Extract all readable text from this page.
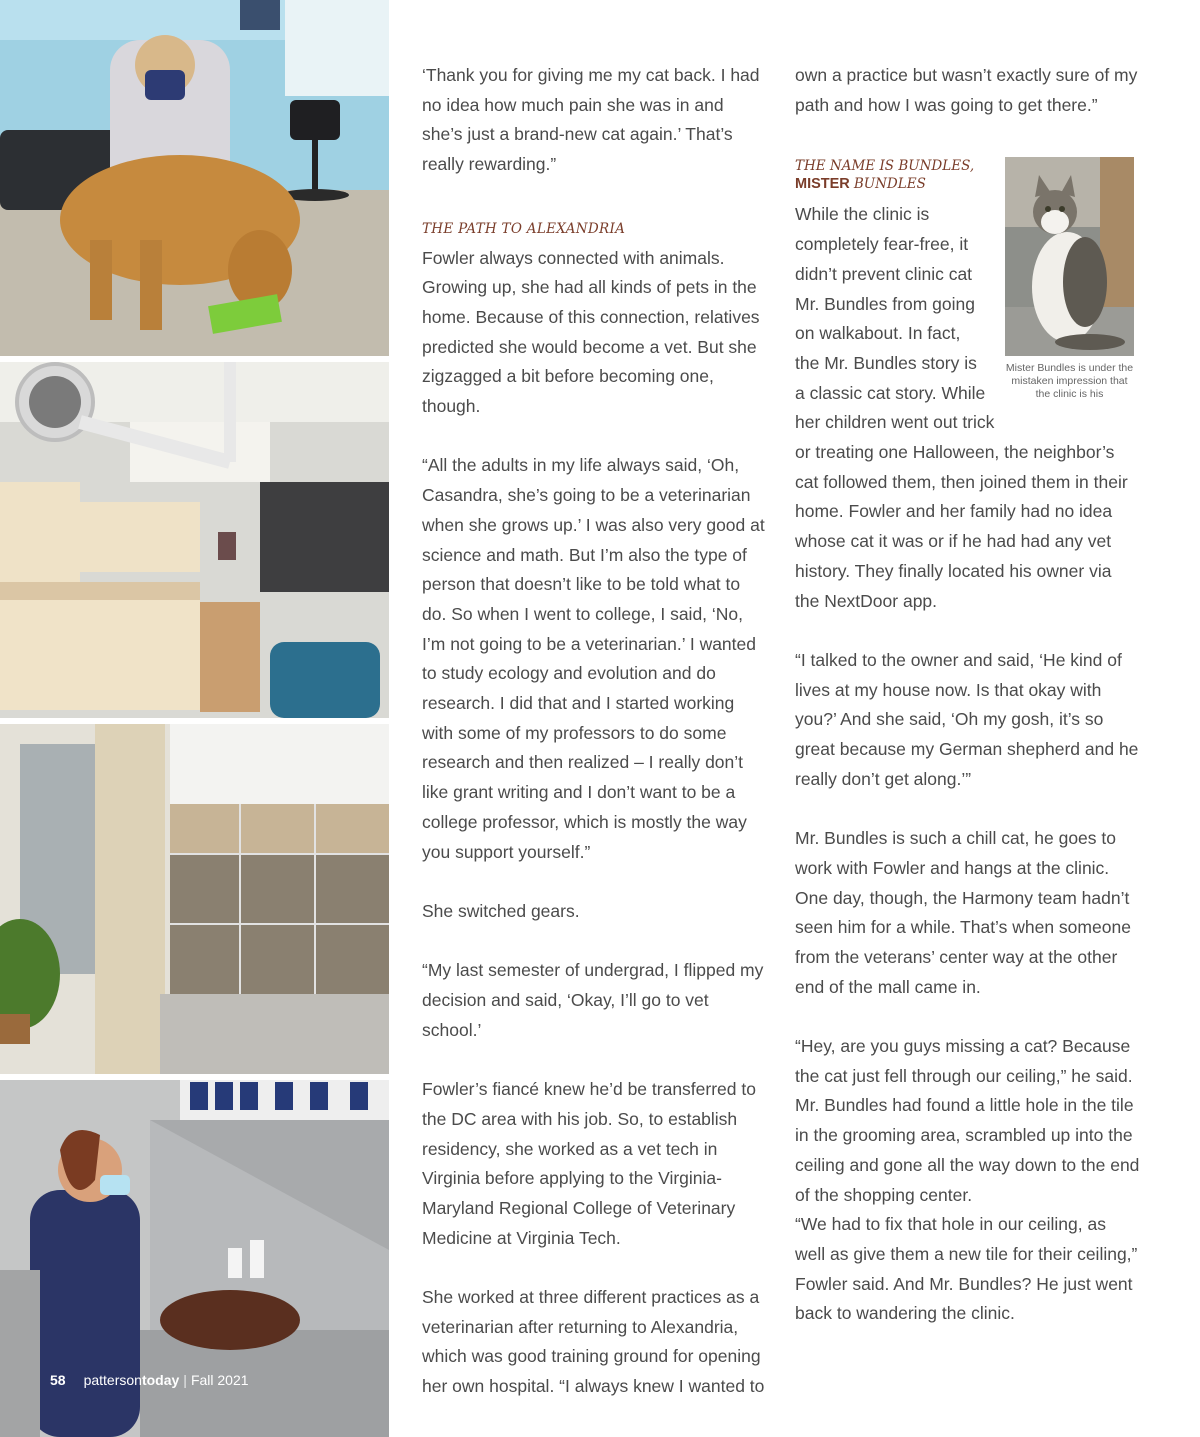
58 pattersontoday | Fall 2021

‘Thank you for giving me my cat back. I had no idea how much pain she was in and she’s just a brand-new cat again.’ That’s really rewarding.”

THE PATH TO ALEXANDRIA

Fowler always connected with animals. Growing up, she had all kinds of pets in the home. Because of this connection, relatives predicted she would become a vet. But she zigzagged a bit before becoming one, though.

“All the adults in my life always said, ‘Oh, Casandra, she’s going to be a veterinarian when she grows up.’ I was also very good at science and math. But I’m also the type of person that doesn’t like to be told what to do. So when I went to college, I said, ‘No, I’m not going to be a veterinarian.’ I wanted to study ecology and evolution and do research. I did that and I started working with some of my professors to do some research and then realized – I really don’t like grant writing and I don’t want to be a college professor, which is mostly the way you support yourself.”

She switched gears.

“My last semester of undergrad, I flipped my decision and said, ‘Okay, I’ll go to vet school.’

Fowler’s fiancé knew he’d be transferred to the DC area with his job. So, to establish residency, she worked as a vet tech in Virginia before applying to the Virginia-Maryland Regional College of Veterinary Medicine at Virginia Tech.

She worked at three different practices as a veterinarian after returning to Alexandria, which was good training ground for opening her own hospital. “I always knew I wanted to

own a practice but wasn’t exactly sure of my path and how I was going to get there.”

THE NAME IS BUNDLES,
MISTER BUNDLES
While the clinic is
completely fear-free, it
didn’t prevent clinic cat
Mr. Bundles from going
on walkabout. In fact,
the Mr. Bundles story is
a classic cat story. While
her children went out trick

or treating one Halloween, the neighbor’s cat followed them, then joined them in their home. Fowler and her family had no idea whose cat it was or if he had had any vet history. They finally located his owner via the NextDoor app.

“I talked to the owner and said, ‘He kind of lives at my house now. Is that okay with you?’ And she said, ‘Oh my gosh, it’s so great because my German shepherd and he really don’t get along.’”

Mr. Bundles is such a chill cat, he goes to work with Fowler and hangs at the clinic. One day, though, the Harmony team hadn’t seen him for a while. That’s when someone from the veterans’ center way at the other end of the mall came in.

“Hey, are you guys missing a cat? Because the cat just fell through our ceiling,” he said. Mr. Bundles had found a little hole in the tile in the grooming area, scrambled up into the ceiling and gone all the way down to the end of the shopping center.

“We had to fix that hole in our ceiling, as well as give them a new tile for their ceiling,” Fowler said. And Mr. Bundles? He just went back to wandering the clinic.

Mister Bundles is under the mistaken impression that the clinic is his
